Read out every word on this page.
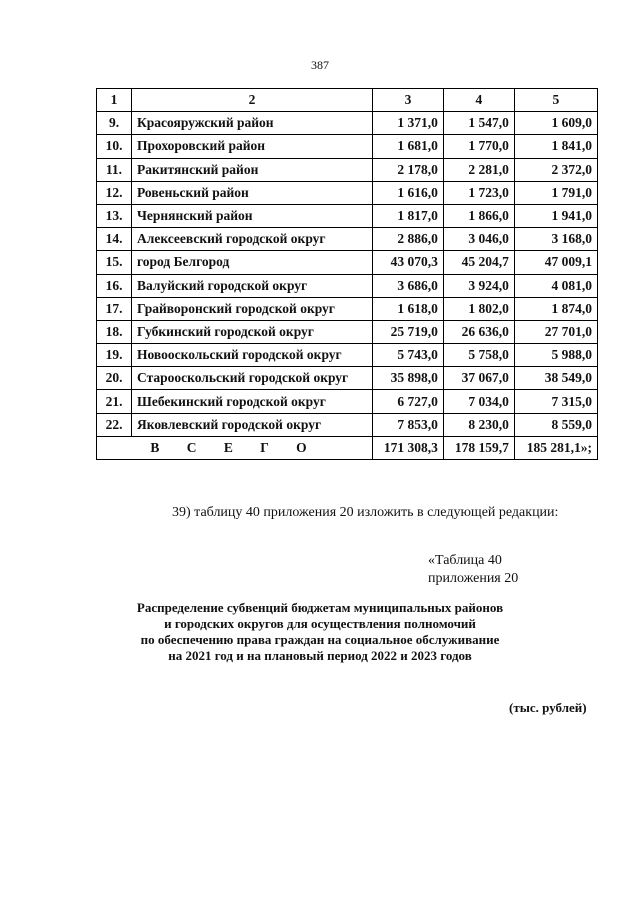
387
1	2	3	4	5
9.	Красояружский район	1 371,0	1 547,0	1 609,0
10.	Прохоровский район	1 681,0	1 770,0	1 841,0
11.	Ракитянский район	2 178,0	2 281,0	2 372,0
12.	Ровеньский район	1 616,0	1 723,0	1 791,0
13.	Чернянский район	1 817,0	1 866,0	1 941,0
14.	Алексеевский городской округ	2 886,0	3 046,0	3 168,0
15.	город Белгород	43 070,3	45 204,7	47 009,1
16.	Валуйский городской округ	3 686,0	3 924,0	4 081,0
17.	Грайворонский городской округ	1 618,0	1 802,0	1 874,0
18.	Губкинский городской округ	25 719,0	26 636,0	27 701,0
19.	Новооскольский городской округ	5 743,0	5 758,0	5 988,0
20.	Старооскольский городской округ	35 898,0	37 067,0	38 549,0
21.	Шебекинский городской округ	6 727,0	7 034,0	7 315,0
22.	Яковлевский городской округ	7 853,0	8 230,0	8 559,0
В С Е Г О		171 308,3	178 159,7	185 281,1»;
39) таблицу 40 приложения 20 изложить в следующей редакции:
«Таблица 40
приложения 20
Распределение субвенций бюджетам муниципальных районов
и городских округов для осуществления полномочий
по обеспечению права граждан на социальное обслуживание
на 2021 год и на плановый период 2022 и 2023 годов
(тыс. рублей)
